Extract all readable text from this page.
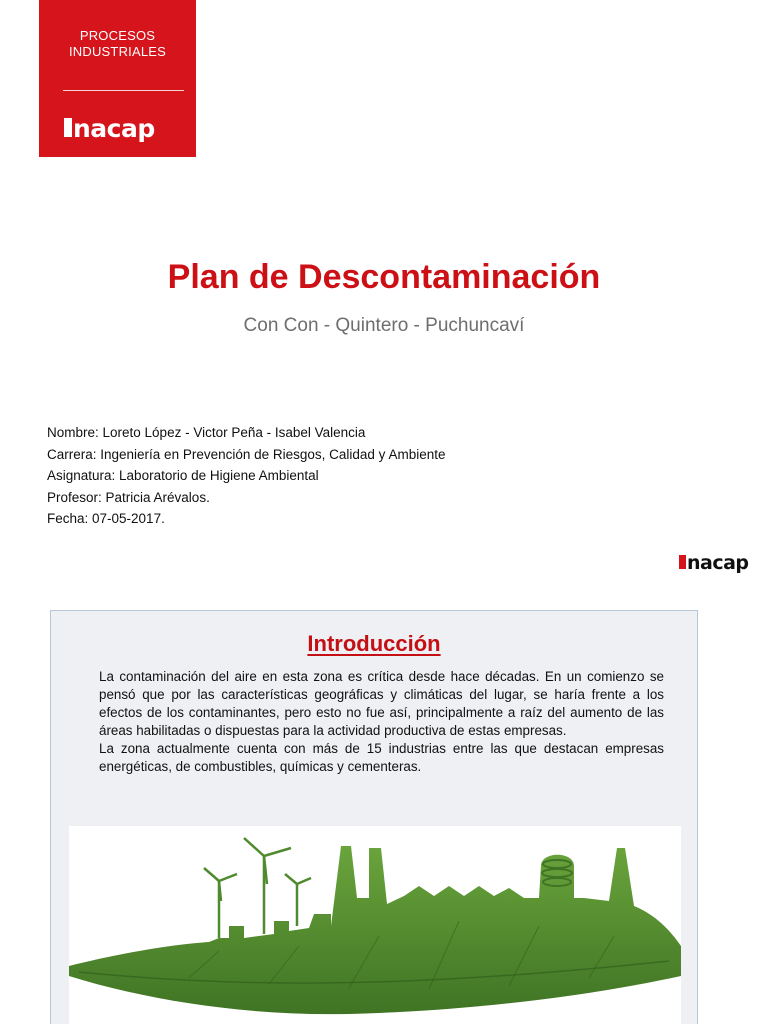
PROCESOS
INDUSTRIALES
nacap
Plan de Descontaminación
Con Con - Quintero - Puchuncaví
Nombre: Loreto López - Victor Peña - Isabel Valencia
Carrera: Ingeniería en Prevención de Riesgos, Calidad y Ambiente
Asignatura: Laboratorio de Higiene Ambiental
Profesor: Patricia Arévalos.
Fecha: 07-05-2017.
nacap
Introducción

La contaminación del aire en esta zona es crítica desde hace décadas. En un comienzo se pensó que por las características geográficas y climáticas del lugar, se haría frente a los efectos de los contaminantes, pero esto no fue así, principalmente a raíz del aumento de las áreas habilitadas o dispuestas para la actividad productiva de estas empresas.

La zona actualmente cuenta con más de 15 industrias entre las que destacan empresas energéticas, de combustibles, químicas y cementeras.
